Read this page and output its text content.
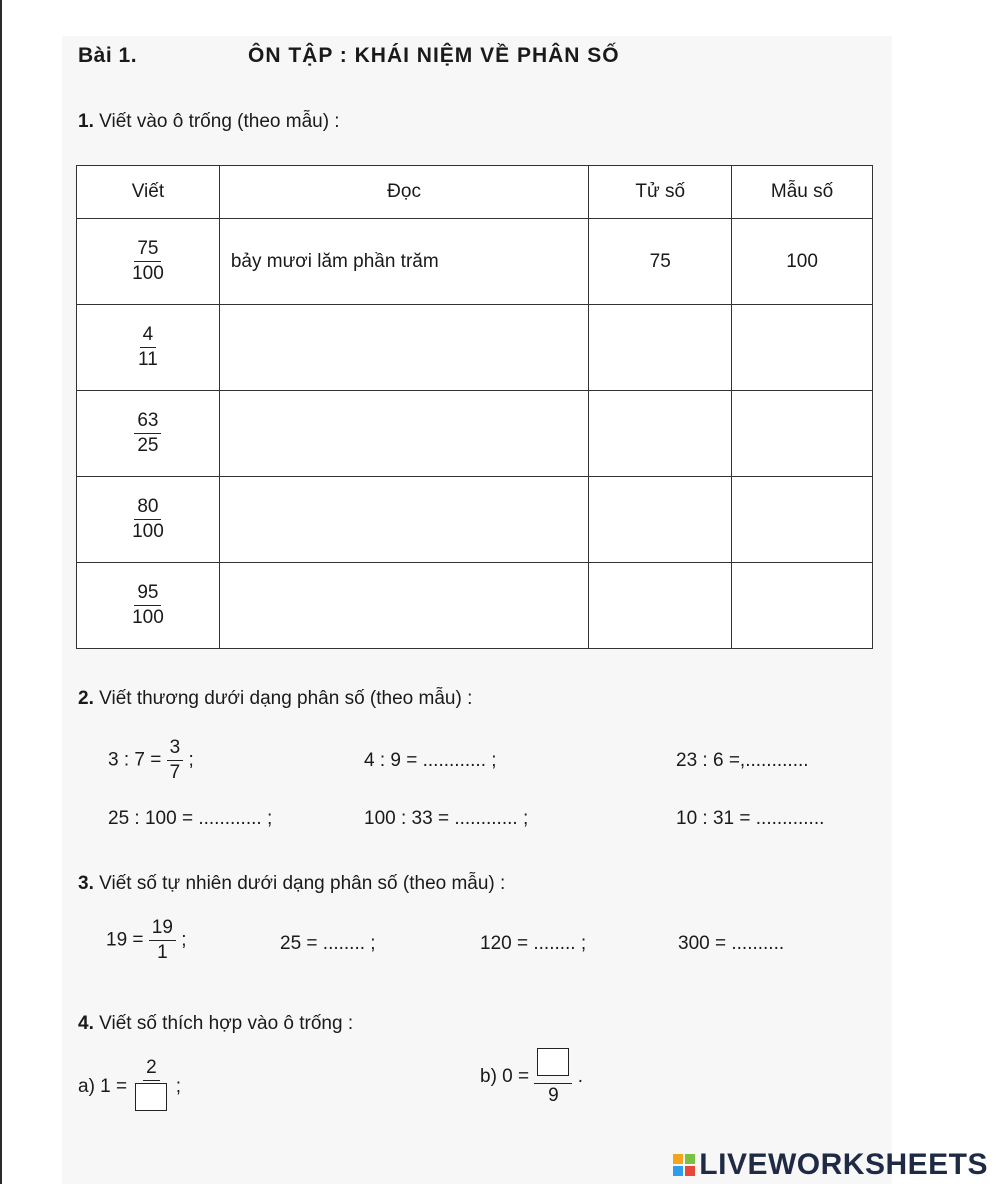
Bài 1.	ÔN TẬP : KHÁI NIỆM VỀ PHÂN SỐ
1. Viết vào ô trống (theo mẫu) :
Viết	Đọc	Tử số	Mẫu số

$\frac{75}{100}$	bảy mươi lăm phần trăm	75	100

$\frac{4}{11}$

$\frac{63}{25}$

$\frac{80}{100}$

$\frac{95}{100}$

2. Viết thương dưới dạng phân số (theo mẫu) :
3 : $7 = \frac{3}{7}$ ;	4 : 9 = ............ ;	23 : 6 =,............
25 : 100 = ............ ;	100 : 33 = ............ ;	10 : 31 = .............
3. Viết số tự nhiên dưới dạng phân số (theo mẫu) :
$19 = \frac{19}{1}$ ;	25 = ........ ;	120 = ........ ;	300 = ..........
4. Viết số thích hợp vào ô trống :
a) 1 =
2
;	b) 0 =
9
.
LIVEWORKSHEETS
